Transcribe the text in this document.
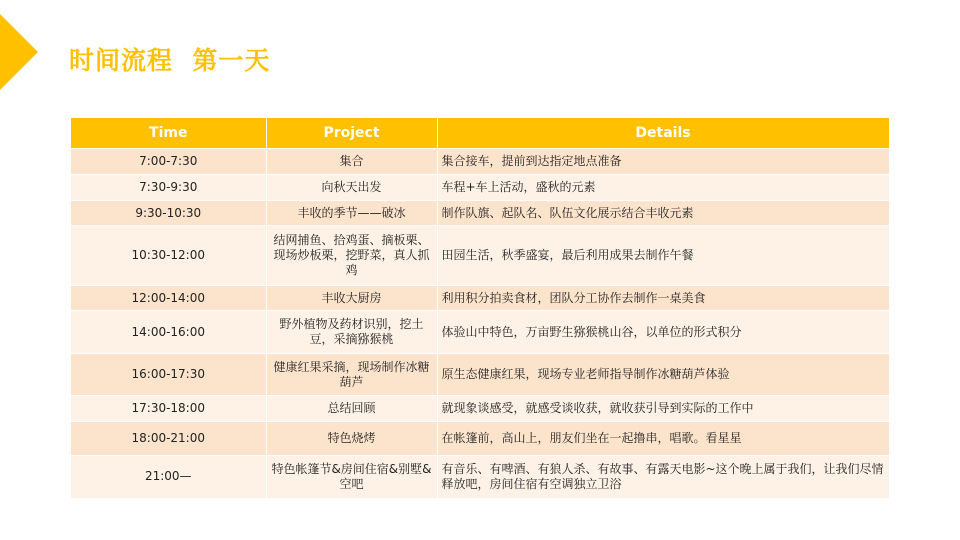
时间流程  第一天
Time	Project	Details
7:00-7:30	集合	集合接车，提前到达指定地点准备
7:30-9:30	向秋天出发	车程+车上活动，盛秋的元素
9:30-10:30	丰收的季节——破冰	制作队旗、起队名、队伍文化展示结合丰收元素
10:30-12:00	结网捕鱼、拾鸡蛋、摘板栗、现场炒板栗，挖野菜，真人抓鸡	田园生活，秋季盛宴，最后利用成果去制作午餐
12:00-14:00	丰收大厨房	利用积分拍卖食材，团队分工协作去制作一桌美食
14:00-16:00	野外植物及药材识别，挖土豆，采摘猕猴桃	体验山中特色，万亩野生猕猴桃山谷，以单位的形式积分
16:00-17:30	健康红果采摘，现场制作冰糖葫芦	原生态健康红果，现场专业老师指导制作冰糖葫芦体验
17:30-18:00	总结回顾	就现象谈感受，就感受谈收获，就收获引导到实际的工作中
18:00-21:00	特色烧烤	在帐篷前，高山上，朋友们坐在一起撸串，唱歌。看星星
21:00—	特色帐篷节&房间住宿&别墅&空吧	有音乐、有啤酒、有狼人杀、有故事、有露天电影~这个晚上属于我们，让我们尽情释放吧，房间住宿有空调独立卫浴
